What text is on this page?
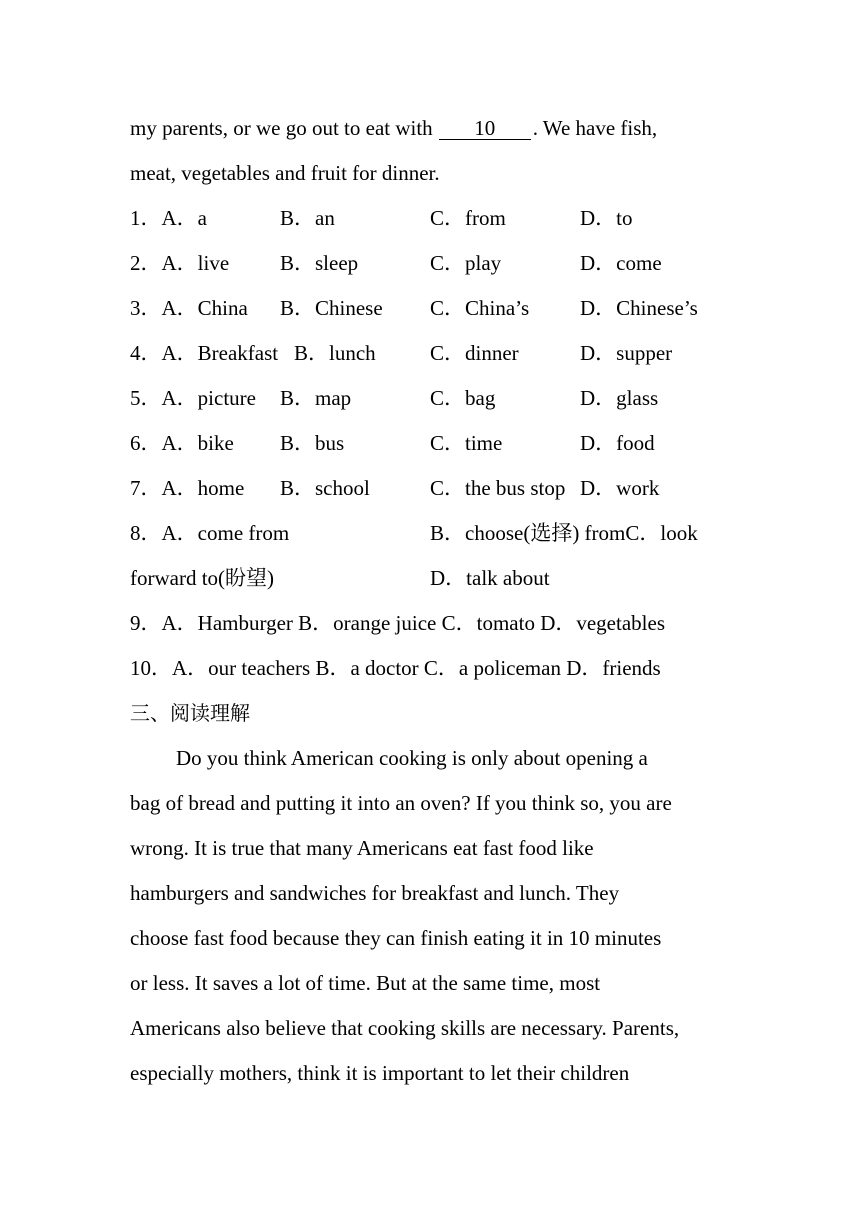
my parents, or we go out to eat with 10 . We have fish,
meat, vegetables and fruit for dinner.
1．A．a	B．an	C．from	D．to
2．A．live B．sleep	C．play	D．come
3．A．China B．Chinese C．China’s D．Chinese’s
4．A．Breakfast B．lunch	C．dinner	D．supper
5．A．picture B．map	C．bag	D．glass
6．A．bike B．bus	C．time	D．food
7．A．home B．school	C．the bus stop D．work
8．A．come from	B．choose(选择) fromC．look
forward to(盼望)	D．talk about
9．A．Hamburger B．orange juice C．tomato D．vegetables
10．A．our teachers B．a doctor C．a policeman D．friends
三、阅读理解
Do you think American cooking is only about opening a
bag of bread and putting it into an oven? If you think so, you are
wrong. It is true that many Americans eat fast food like
hamburgers and sandwiches for breakfast and lunch. They
choose fast food because they can finish eating it in 10 minutes
or less. It saves a lot of time. But at the same time, most
Americans also believe that cooking skills are necessary. Parents,
especially mothers, think it is important to let their children
